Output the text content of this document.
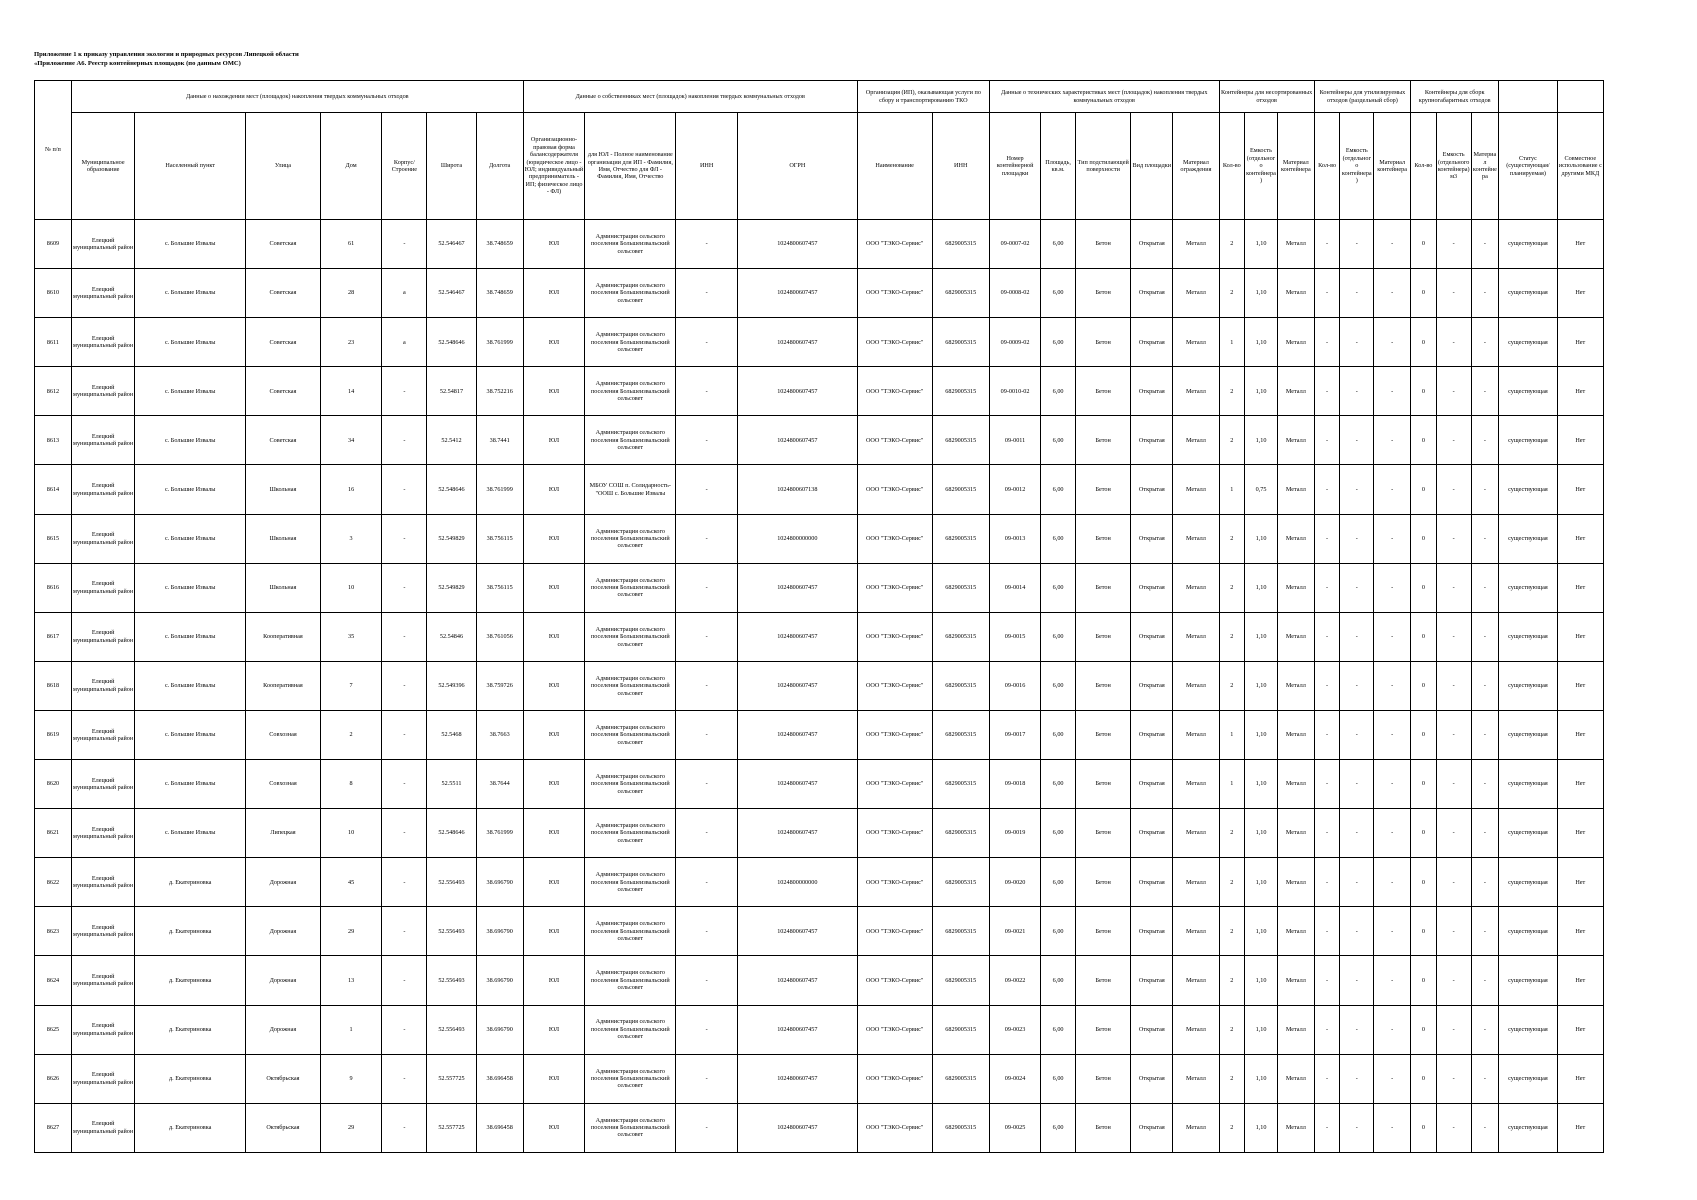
Приложение 1 к приказу управления экологии и природных ресурсов Липецкой области
«Приложение А6. Реестр контейнерных площадок (по данным ОМС)
№ п/п	Данные о нахождении мест (площадок) накопления твердых коммунальных отходов							Данные о собственниках мест (площадок) накопления твердых коммунальных отходов				Организация (ИП), оказывающая услуги по сбору и транспортированию ТКО		Данные о технических характеристиках мест (площадок) накопления твердых коммунальных отходов					Контейнеры для несортированных отходов			Контейнеры для утилизируемых отходов (раздельный сбор)			Контейнеры для сборк крупногабаритных отходов				
	Муниципальное образование	Населенный пункт	Улица	Дом	Корпус/Строение	Широта	Долгота	Организационно-правовая форма балансодержателя (юридическое лицо - ЮЛ; индивидуальный предприниматель - ИП; физическое лицо - ФЛ)	для ЮЛ - Полное наименование организации для ИП - Фамилия, Имя, Отчество для ФЛ - Фамилия, Имя, Отчество	ИНН	ОГРН	Наименование	ИНН	Номер контейнерной площадки	Площадь, кв.м.	Тип подстилающей поверхности	Вид площадки	Материал ограждения	Кол-во	Емкость (отдельного контейнера)	Материал контейнера	Кол-во	Емкость (отдельного контейнера)	Материал контейнера	Кол-во	Емкость (отдельного контейнера) м3	Материал контейнера	Статус (существующая/ планируемая)	Совместное использование с другими МКД
8609	Елецкий муниципальный район	с. Большие Извалы	Советская	61	-	52.546467	38.748659	ЮЛ	Администрация сельского поселения Большеизвальский сельсовет	-	1024800607457	ООО "ТЭКО-Сервис"	6829005315	09-0007-02	6,00	Бетон	Открытая	Металл	2	1,10	Металл	-	-	-	0	-	-	существующая	Нет
8610	Елецкий муниципальный район	с. Большие Извалы	Советская	28	а	52.546467	38.748659	ЮЛ	Администрация сельского поселения Большеизвальский сельсовет	-	1024800607457	ООО "ТЭКО-Сервис"	6829005315	09-0008-02	6,00	Бетон	Открытая	Металл	2	1,10	Металл	-	-	-	0	-	-	существующая	Нет
8611	Елецкий муниципальный район	с. Большие Извалы	Советская	23	а	52.548646	38.761999	ЮЛ	Администрация сельского поселения Большеизвальский сельсовет	-	1024800607457	ООО "ТЭКО-Сервис"	6829005315	09-0009-02	6,00	Бетон	Открытая	Металл	1	1,10	Металл	-	-	-	0	-	-	существующая	Нет
8612	Елецкий муниципальный район	с. Большие Извалы	Советская	14	-	52.54817	38.752216	ЮЛ	Администрация сельского поселения Большеизвальский сельсовет	-	1024800607457	ООО "ТЭКО-Сервис"	6829005315	09-0010-02	6,00	Бетон	Открытая	Металл	2	1,10	Металл	-	-	-	0	-	-	существующая	Нет
8613	Елецкий муниципальный район	с. Большие Извалы	Советская	34	-	52.5412	38.7441	ЮЛ	Администрация сельского поселения Большеизвальский сельсовет	-	1024800607457	ООО "ТЭКО-Сервис"	6829005315	09-0011	6,00	Бетон	Открытая	Металл	2	1,10	Металл	-	-	-	0	-	-	существующая	Нет
8614	Елецкий муниципальный район	с. Большие Извалы	Школьная	16	-	52.548646	38.761999	ЮЛ	МБОУ СОШ п. Солидарность- "ООШ с. Большие Извалы	-	1024800607138	ООО "ТЭКО-Сервис"	6829005315	09-0012	6,00	Бетон	Открытая	Металл	1	0,75	Металл	-	-	-	0	-	-	существующая	Нет
8615	Елецкий муниципальный район	с. Большие Извалы	Школьная	3	-	52.549829	38.756115	ЮЛ	Администрация сельского поселения Большеизвальский сельсовет	-	1024800000000	ООО "ТЭКО-Сервис"	6829005315	09-0013	6,00	Бетон	Открытая	Металл	2	1,10	Металл	-	-	-	0	-	-	существующая	Нет
8616	Елецкий муниципальный район	с. Большие Извалы	Школьная	10	-	52.549829	38.756115	ЮЛ	Администрация сельского поселения Большеизвальский сельсовет	-	1024800607457	ООО "ТЭКО-Сервис"	6829005315	09-0014	6,00	Бетон	Открытая	Металл	2	1,10	Металл	-	-	-	0	-	-	существующая	Нет
8617	Елецкий муниципальный район	с. Большие Извалы	Кооперативная	35	-	52.54846	38.761056	ЮЛ	Администрация сельского поселения Большеизвальский сельсовет	-	1024800607457	ООО "ТЭКО-Сервис"	6829005315	09-0015	6,00	Бетон	Открытая	Металл	2	1,10	Металл	-	-	-	0	-	-	существующая	Нет
8618	Елецкий муниципальный район	с. Большие Извалы	Кооперативная	7	-	52.549396	38.759726	ЮЛ	Администрация сельского поселения Большеизвальский сельсовет	-	1024800607457	ООО "ТЭКО-Сервис"	6829005315	09-0016	6,00	Бетон	Открытая	Металл	2	1,10	Металл	-	-	-	0	-	-	существующая	Нет
8619	Елецкий муниципальный район	с. Большие Извалы	Совхозная	2	-	52.5468	38.7663	ЮЛ	Администрация сельского поселения Большеизвальский сельсовет	-	1024800607457	ООО "ТЭКО-Сервис"	6829005315	09-0017	6,00	Бетон	Открытая	Металл	1	1,10	Металл	-	-	-	0	-	-	существующая	Нет
8620	Елецкий муниципальный район	с. Большие Извалы	Совхозная	8	-	52.5511	38.7644	ЮЛ	Администрация сельского поселения Большеизвальский сельсовет	-	1024800607457	ООО "ТЭКО-Сервис"	6829005315	09-0018	6,00	Бетон	Открытая	Металл	1	1,10	Металл	-	-	-	0	-	-	существующая	Нет
8621	Елецкий муниципальный район	с. Большие Извалы	Липецкая	10	-	52.548646	38.761999	ЮЛ	Администрация сельского поселения Большеизвальский сельсовет	-	1024800607457	ООО "ТЭКО-Сервис"	6829005315	09-0019	6,00	Бетон	Открытая	Металл	2	1,10	Металл	-	-	-	0	-	-	существующая	Нет
8622	Елецкий муниципальный район	д. Екатериновка	Дорожная	45	-	52.556493	38.696790	ЮЛ	Администрация сельского поселения Большеизвальский сельсовет	-	1024800000000	ООО "ТЭКО-Сервис"	6829005315	09-0020	6,00	Бетон	Открытая	Металл	2	1,10	Металл	-	-	-	0	-	-	существующая	Нет
8623	Елецкий муниципальный район	д. Екатериновка	Дорожная	29	-	52.556493	38.696790	ЮЛ	Администрация сельского поселения Большеизвальский сельсовет	-	1024800607457	ООО "ТЭКО-Сервис"	6829005315	09-0021	6,00	Бетон	Открытая	Металл	2	1,10	Металл	-	-	-	0	-	-	существующая	Нет
8624	Елецкий муниципальный район	д. Екатериновка	Дорожная	13	-	52.556493	38.696790	ЮЛ	Администрация сельского поселения Большеизвальский сельсовет	-	1024800607457	ООО "ТЭКО-Сервис"	6829005315	09-0022	6,00	Бетон	Открытая	Металл	2	1,10	Металл	-	-	-	0	-	-	существующая	Нет
8625	Елецкий муниципальный район	д. Екатериновка	Дорожная	1	-	52.556493	38.696790	ЮЛ	Администрация сельского поселения Большеизвальский сельсовет	-	1024800607457	ООО "ТЭКО-Сервис"	6829005315	09-0023	6,00	Бетон	Открытая	Металл	2	1,10	Металл	-	-	-	0	-	-	существующая	Нет
8626	Елецкий муниципальный район	д. Екатериновка	Октябрьская	9	-	52.557725	38.696458	ЮЛ	Администрация сельского поселения Большеизвальский сельсовет	-	1024800607457	ООО "ТЭКО-Сервис"	6829005315	09-0024	6,00	Бетон	Открытая	Металл	2	1,10	Металл	-	-	-	0	-	-	существующая	Нет
8627	Елецкий муниципальный район	д. Екатериновка	Октябрьская	29	-	52.557725	38.696458	ЮЛ	Администрация сельского поселения Большеизвальский сельсовет	-	1024800607457	ООО "ТЭКО-Сервис"	6829005315	09-0025	6,00	Бетон	Открытая	Металл	2	1,10	Металл	-	-	-	0	-	-	существующая	Нет
